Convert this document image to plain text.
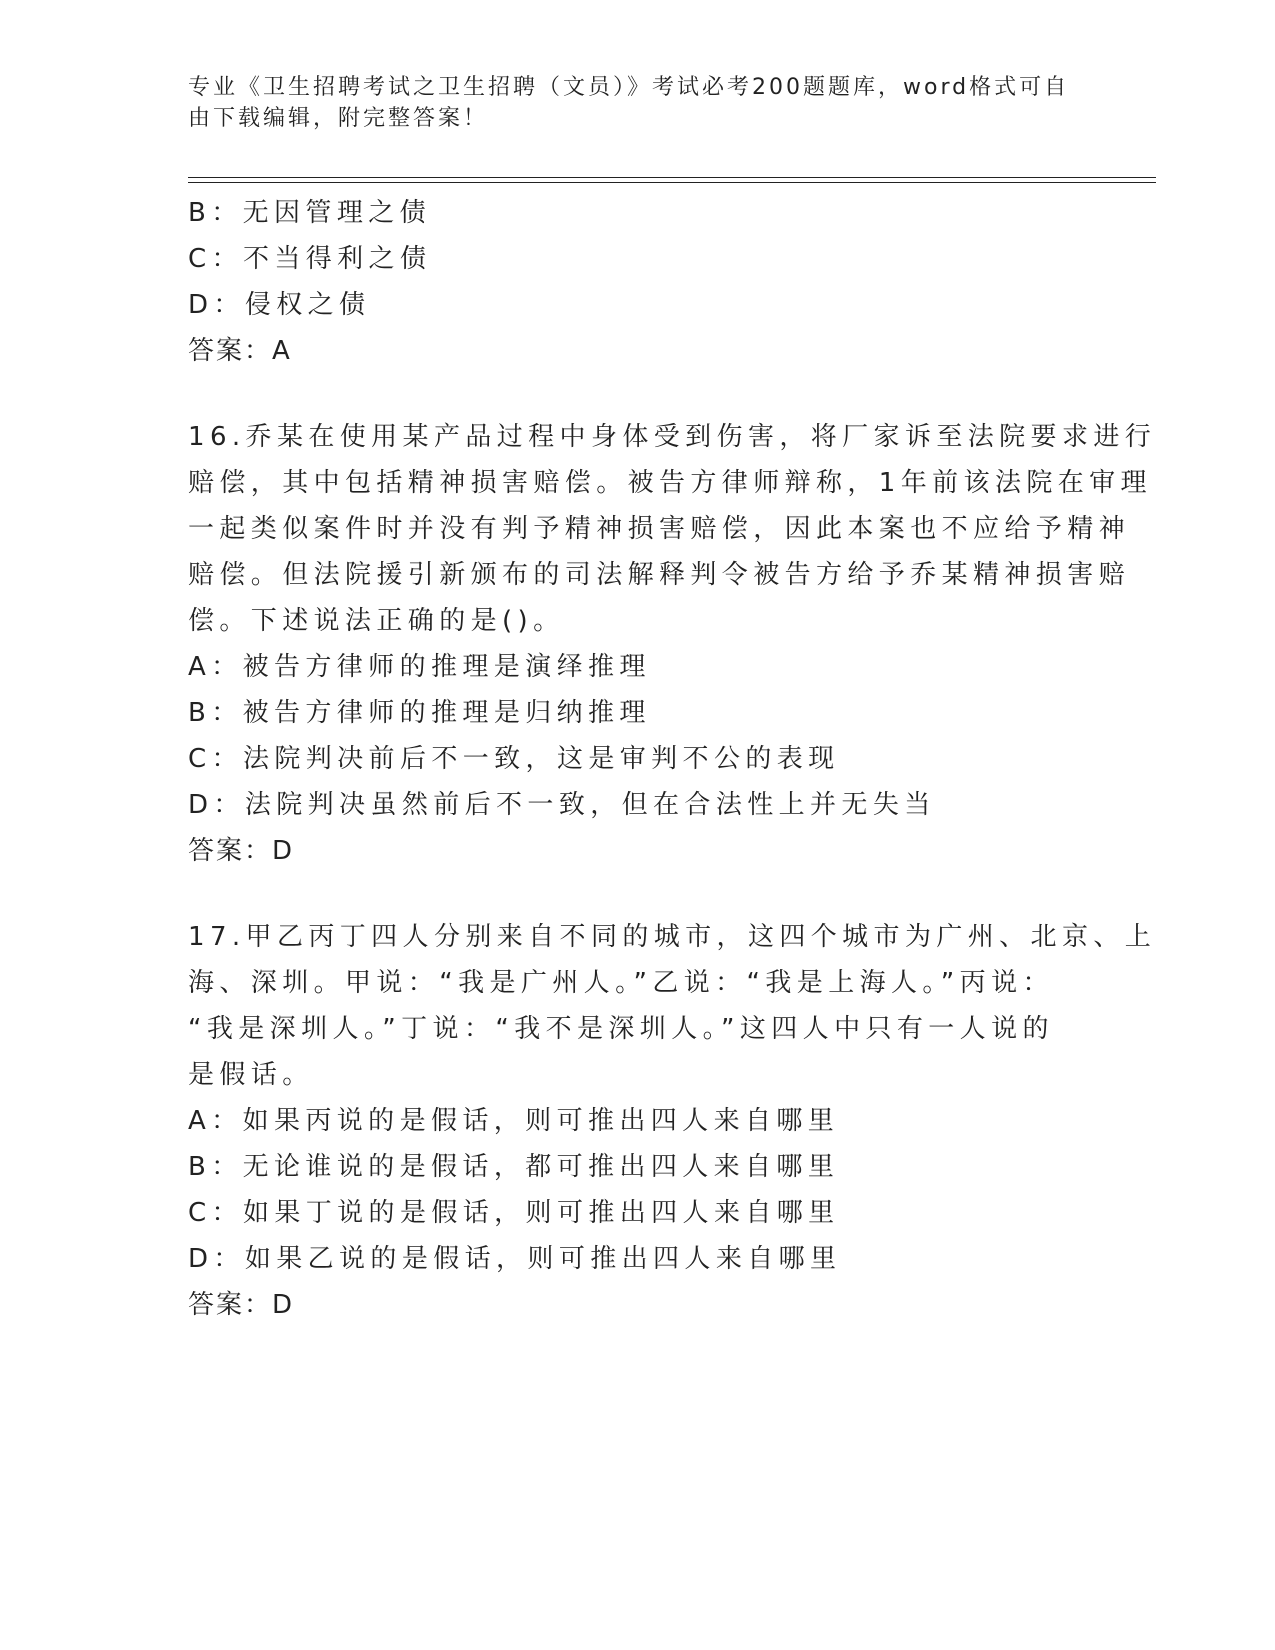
专业《卫生招聘考试之卫生招聘（文员）》考试必考200题题库，word格式可自
由下载编辑，附完整答案！
B：无因管理之债
C：不当得利之债
D：侵权之债
答案：A
16.乔某在使用某产品过程中身体受到伤害，将厂家诉至法院要求进行
赔偿，其中包括精神损害赔偿。被告方律师辩称，1年前该法院在审理
一起类似案件时并没有判予精神损害赔偿，因此本案也不应给予精神
赔偿。但法院援引新颁布的司法解释判令被告方给予乔某精神损害赔
偿。下述说法正确的是()。
A：被告方律师的推理是演绎推理
B：被告方律师的推理是归纳推理
C：法院判决前后不一致，这是审判不公的表现
D：法院判决虽然前后不一致，但在合法性上并无失当
答案：D
17.甲乙丙丁四人分别来自不同的城市，这四个城市为广州、北京、上
海、深圳。甲说：“我是广州人。”乙说：“我是上海人。”丙说：
“我是深圳人。”丁说：“我不是深圳人。”这四人中只有一人说的
是假话。
A：如果丙说的是假话，则可推出四人来自哪里
B：无论谁说的是假话，都可推出四人来自哪里
C：如果丁说的是假话，则可推出四人来自哪里
D：如果乙说的是假话，则可推出四人来自哪里
答案：D
